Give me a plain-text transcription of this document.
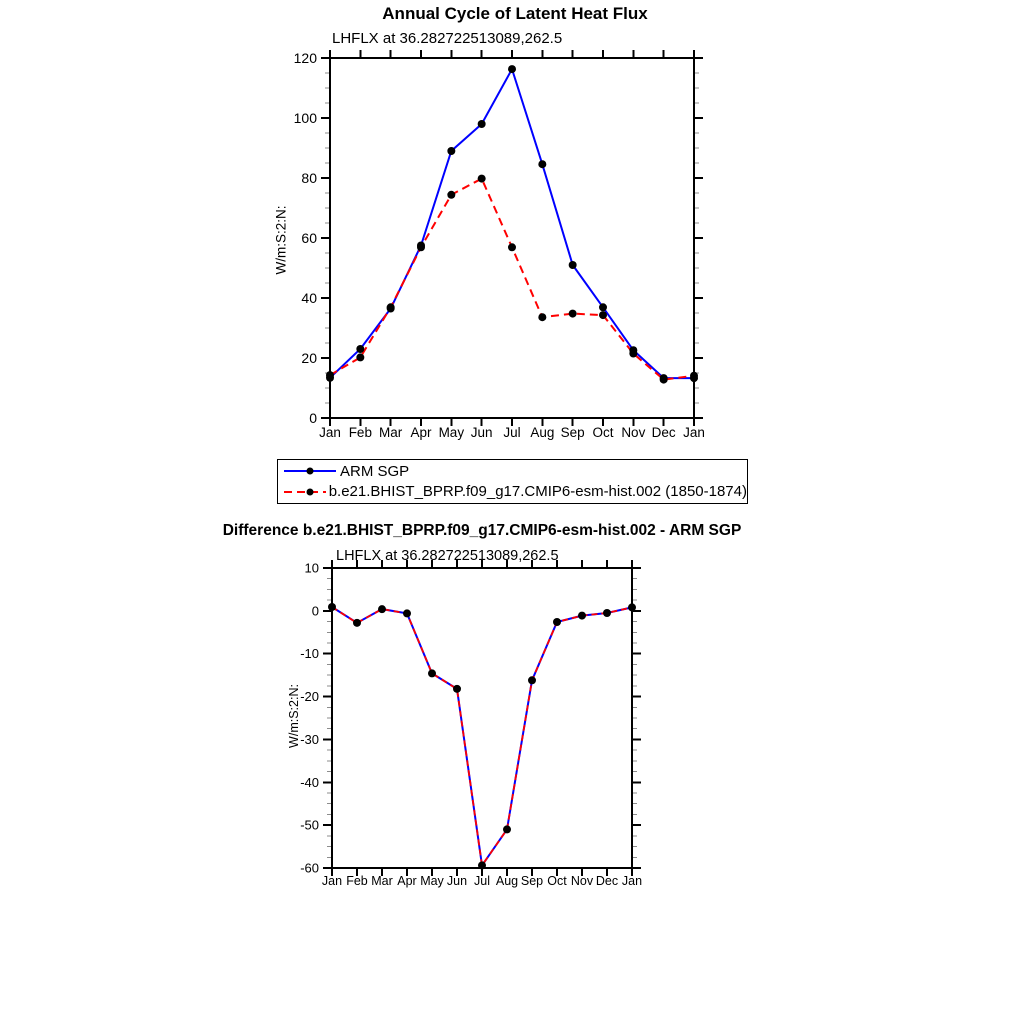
0
20
40
60
80
100
120
Jan Feb Mar Apr May Jun Jul Aug Sep Oct Nov Dec Jan
10
0
-10
-20
-30
-40
-50
-60
Jan Feb Mar Apr May Jun Jul Aug Sep Oct Nov Dec Jan
Annual Cycle of Latent Heat Flux
LHFLX at 36.282722513089,262.5
W/m:S:2:N:
ARM SGP
b.e21.BHIST_BPRP.f09_g17.CMIP6-esm-hist.002 (1850-1874)
Difference b.e21.BHIST_BPRP.f09_g17.CMIP6-esm-hist.002 - ARM SGP
LHFLX at 36.282722513089,262.5
W/m:S:2:N:
